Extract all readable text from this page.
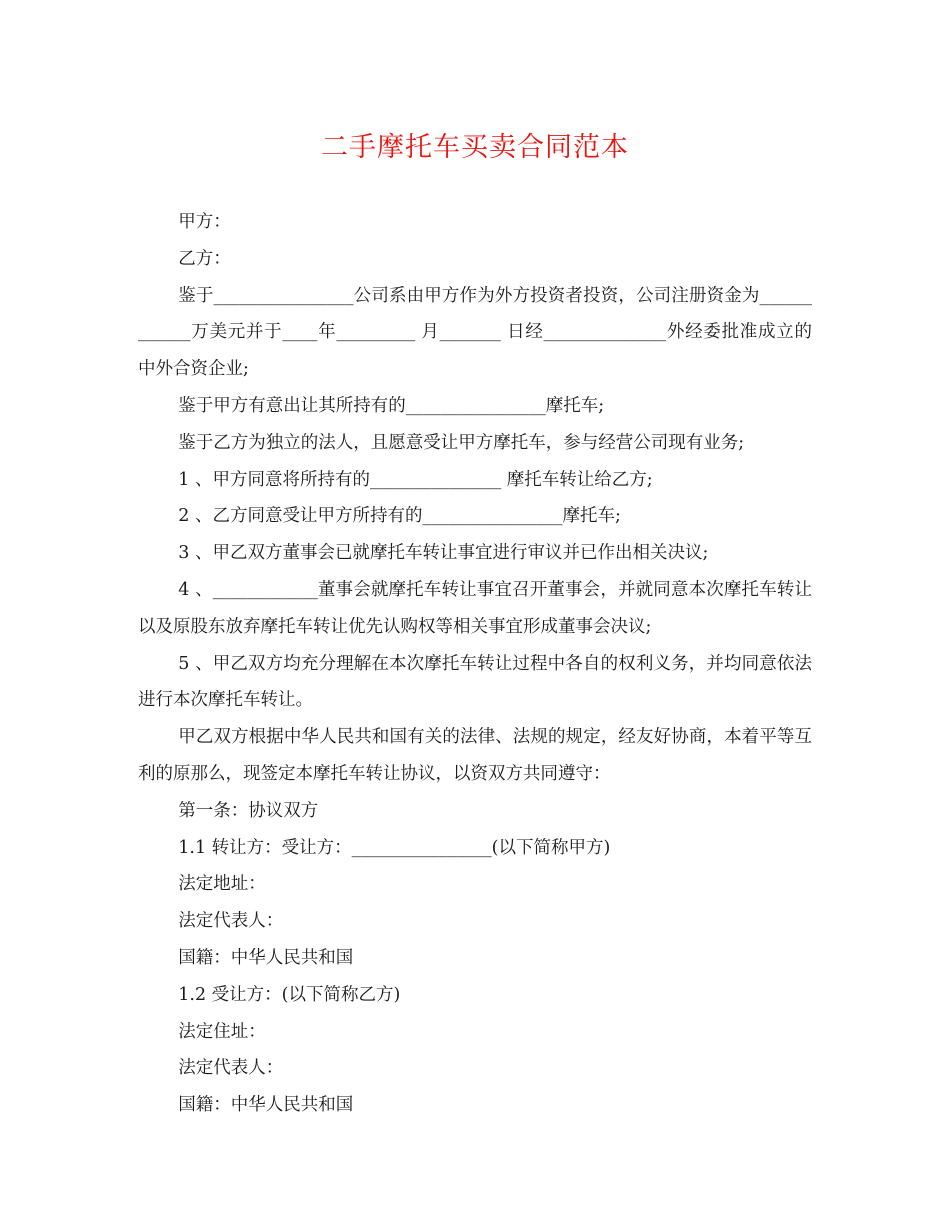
二手摩托车买卖合同范本

甲方：

乙方：

鉴于________________公司系由甲方作为外方投资者投资，公司注册资金为____________万美元并于____年_________ 月_______ 日经______________外经委批准成立的中外合资企业;

鉴于甲方有意出让其所持有的________________摩托车;

鉴于乙方为独立的法人，且愿意受让甲方摩托车，参与经营公司现有业务;

1 、甲方同意将所持有的_______________ 摩托车转让给乙方;

2 、乙方同意受让甲方所持有的________________摩托车;

3 、甲乙双方董事会已就摩托车转让事宜进行审议并已作出相关决议;

4 、____________董事会就摩托车转让事宜召开董事会，并就同意本次摩托车转让以及原股东放弃摩托车转让优先认购权等相关事宜形成董事会决议;

5 、甲乙双方均充分理解在本次摩托车转让过程中各自的权利义务，并均同意依法进行本次摩托车转让。

甲乙双方根据中华人民共和国有关的法律、法规的规定，经友好协商，本着平等互利的原那么，现签定本摩托车转让协议，以资双方共同遵守：

第一条：协议双方

1.1 转让方：受让方：________________(以下简称甲方)

法定地址：

法定代表人：

国籍：中华人民共和国

1.2 受让方：(以下简称乙方)

法定住址：

法定代表人：

国籍：中华人民共和国
